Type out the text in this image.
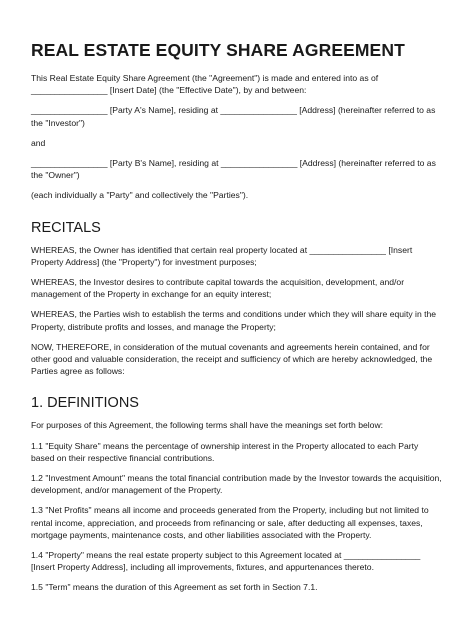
REAL ESTATE EQUITY SHARE AGREEMENT

This Real Estate Equity Share Agreement (the "Agreement") is made and entered into as of ________________ [Insert Date] (the "Effective Date"), by and between:

________________ [Party A's Name], residing at ________________ [Address] (hereinafter referred to as the "Investor")

and

________________ [Party B's Name], residing at ________________ [Address] (hereinafter referred to as the "Owner")

(each individually a "Party" and collectively the "Parties").

RECITALS

WHEREAS, the Owner has identified that certain real property located at ________________ [Insert Property Address] (the "Property") for investment purposes;

WHEREAS, the Investor desires to contribute capital towards the acquisition, development, and/or management of the Property in exchange for an equity interest;

WHEREAS, the Parties wish to establish the terms and conditions under which they will share equity in the Property, distribute profits and losses, and manage the Property;

NOW, THEREFORE, in consideration of the mutual covenants and agreements herein contained, and for other good and valuable consideration, the receipt and sufficiency of which are hereby acknowledged, the Parties agree as follows:

1. DEFINITIONS

For purposes of this Agreement, the following terms shall have the meanings set forth below:

1.1 "Equity Share" means the percentage of ownership interest in the Property allocated to each Party based on their respective financial contributions.

1.2 "Investment Amount" means the total financial contribution made by the Investor towards the acquisition, development, and/or management of the Property.

1.3 "Net Profits" means all income and proceeds generated from the Property, including but not limited to rental income, appreciation, and proceeds from refinancing or sale, after deducting all expenses, taxes, mortgage payments, maintenance costs, and other liabilities associated with the Property.

1.4 "Property" means the real estate property subject to this Agreement located at ________________ [Insert Property Address], including all improvements, fixtures, and appurtenances thereto.

1.5 "Term" means the duration of this Agreement as set forth in Section 7.1.
